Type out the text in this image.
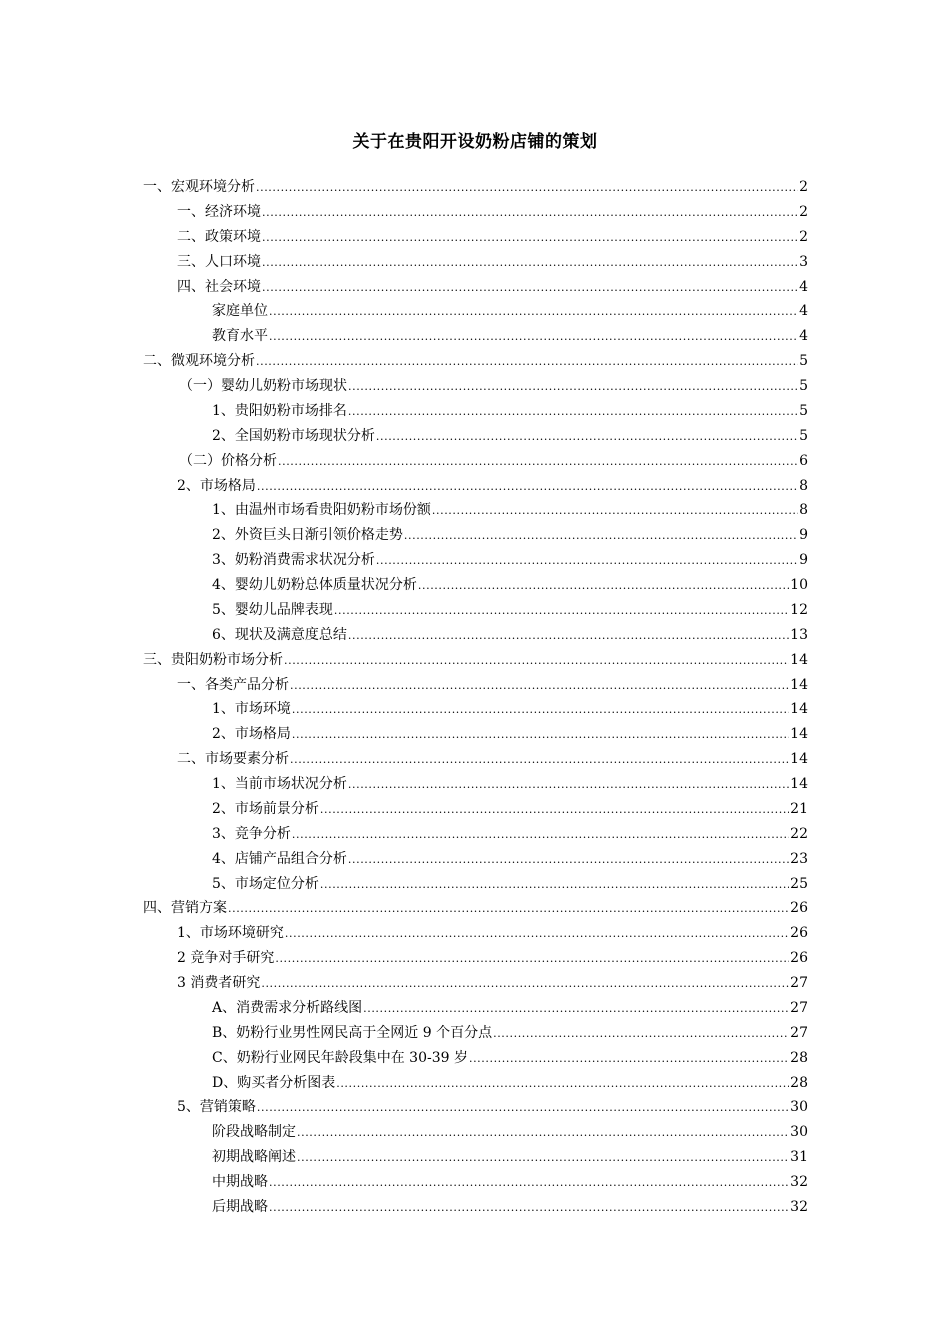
关于在贵阳开设奶粉店铺的策划
一、宏观环境分析 .....	2
一、经济环境 .....	2
二、政策环境 .....	2
三、人口环境 .....	3
四、社会环境 .....	4
家庭单位 .....	4
教育水平 .....	4
二、微观环境分析 .....	5
（一）婴幼儿奶粉市场现状 .....	5
1、贵阳奶粉市场排名 .....	5
2、全国奶粉市场现状分析 .....	5
（二）价格分析 .....	6
2、市场格局 .....	8
1、由温州市场看贵阳奶粉市场份额 .....	8
2、外资巨头日渐引领价格走势 .....	9
3、奶粉消费需求状况分析 .....	9
4、婴幼儿奶粉总体质量状况分析 .....	10
5、婴幼儿品牌表现 .....	12
6、现状及满意度总结 .....	13
三、贵阳奶粉市场分析 .....	14
一、各类产品分析 .....	14
1、市场环境 .....	14
2、市场格局 .....	14
二、市场要素分析 .....	14
1、当前市场状况分析 .....	14
2、市场前景分析 .....	21
3、竞争分析 .....	22
4、店铺产品组合分析 .....	23
5、市场定位分析 .....	25
四、营销方案 .....	26
1、市场环境研究 .....	26
2 竞争对手研究 .....	26
3 消费者研究 .....	27
A、消费需求分析路线图 .....	27
B、奶粉行业男性网民高于全网近 9 个百分点 .....	27
C、奶粉行业网民年龄段集中在 30-39 岁 .....	28
D、购买者分析图表 .....	28
5、营销策略 .....	30
阶段战略制定 .....	30
初期战略阐述 .....	31
中期战略 .....	32
后期战略 .....	32
